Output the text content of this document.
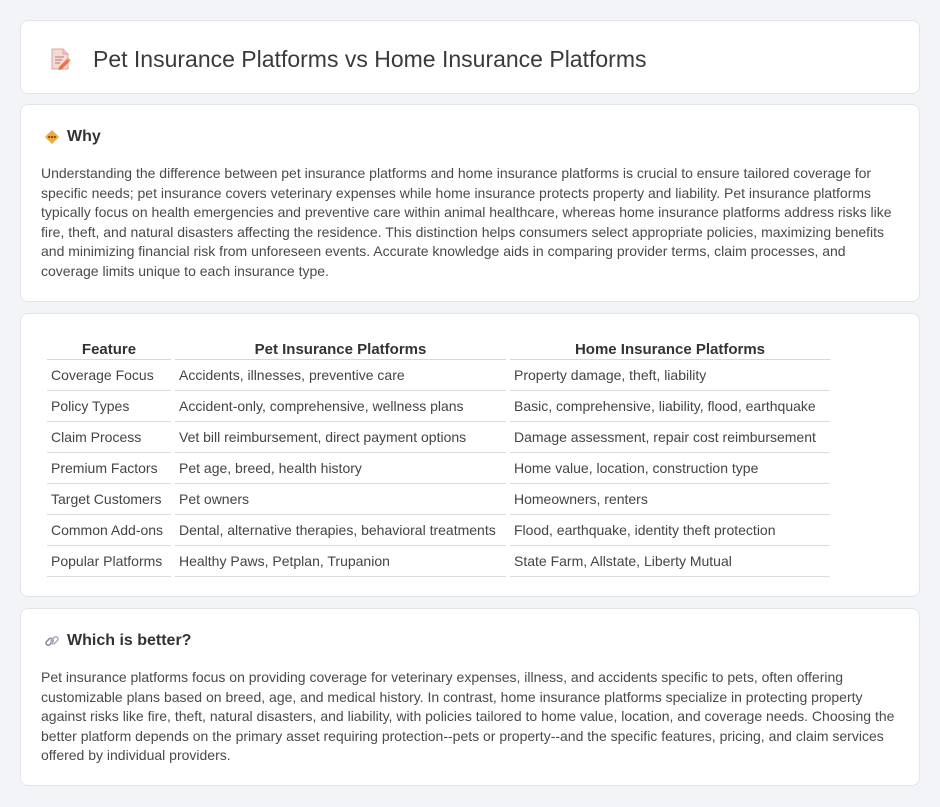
Pet Insurance Platforms vs Home Insurance Platforms
Why

Understanding the difference between pet insurance platforms and home insurance platforms is crucial to ensure tailored coverage for specific needs; pet insurance covers veterinary expenses while home insurance protects property and liability. Pet insurance platforms typically focus on health emergencies and preventive care within animal healthcare, whereas home insurance platforms address risks like fire, theft, and natural disasters affecting the residence. This distinction helps consumers select appropriate policies, maximizing benefits and minimizing financial risk from unforeseen events. Accurate knowledge aids in comparing provider terms, claim processes, and coverage limits unique to each insurance type.

Feature	Pet Insurance Platforms	Home Insurance Platforms
Coverage Focus	Accidents, illnesses, preventive care	Property damage, theft, liability
Policy Types	Accident-only, comprehensive, wellness plans	Basic, comprehensive, liability, flood, earthquake
Claim Process	Vet bill reimbursement, direct payment options	Damage assessment, repair cost reimbursement
Premium Factors	Pet age, breed, health history	Home value, location, construction type
Target Customers	Pet owners	Homeowners, renters
Common Add-ons	Dental, alternative therapies, behavioral treatments	Flood, earthquake, identity theft protection
Popular Platforms	Healthy Paws, Petplan, Trupanion	State Farm, Allstate, Liberty Mutual
Which is better?

Pet insurance platforms focus on providing coverage for veterinary expenses, illness, and accidents specific to pets, often offering customizable plans based on breed, age, and medical history. In contrast, home insurance platforms specialize in protecting property against risks like fire, theft, natural disasters, and liability, with policies tailored to home value, location, and coverage needs. Choosing the better platform depends on the primary asset requiring protection--pets or property--and the specific features, pricing, and claim services offered by individual providers.
